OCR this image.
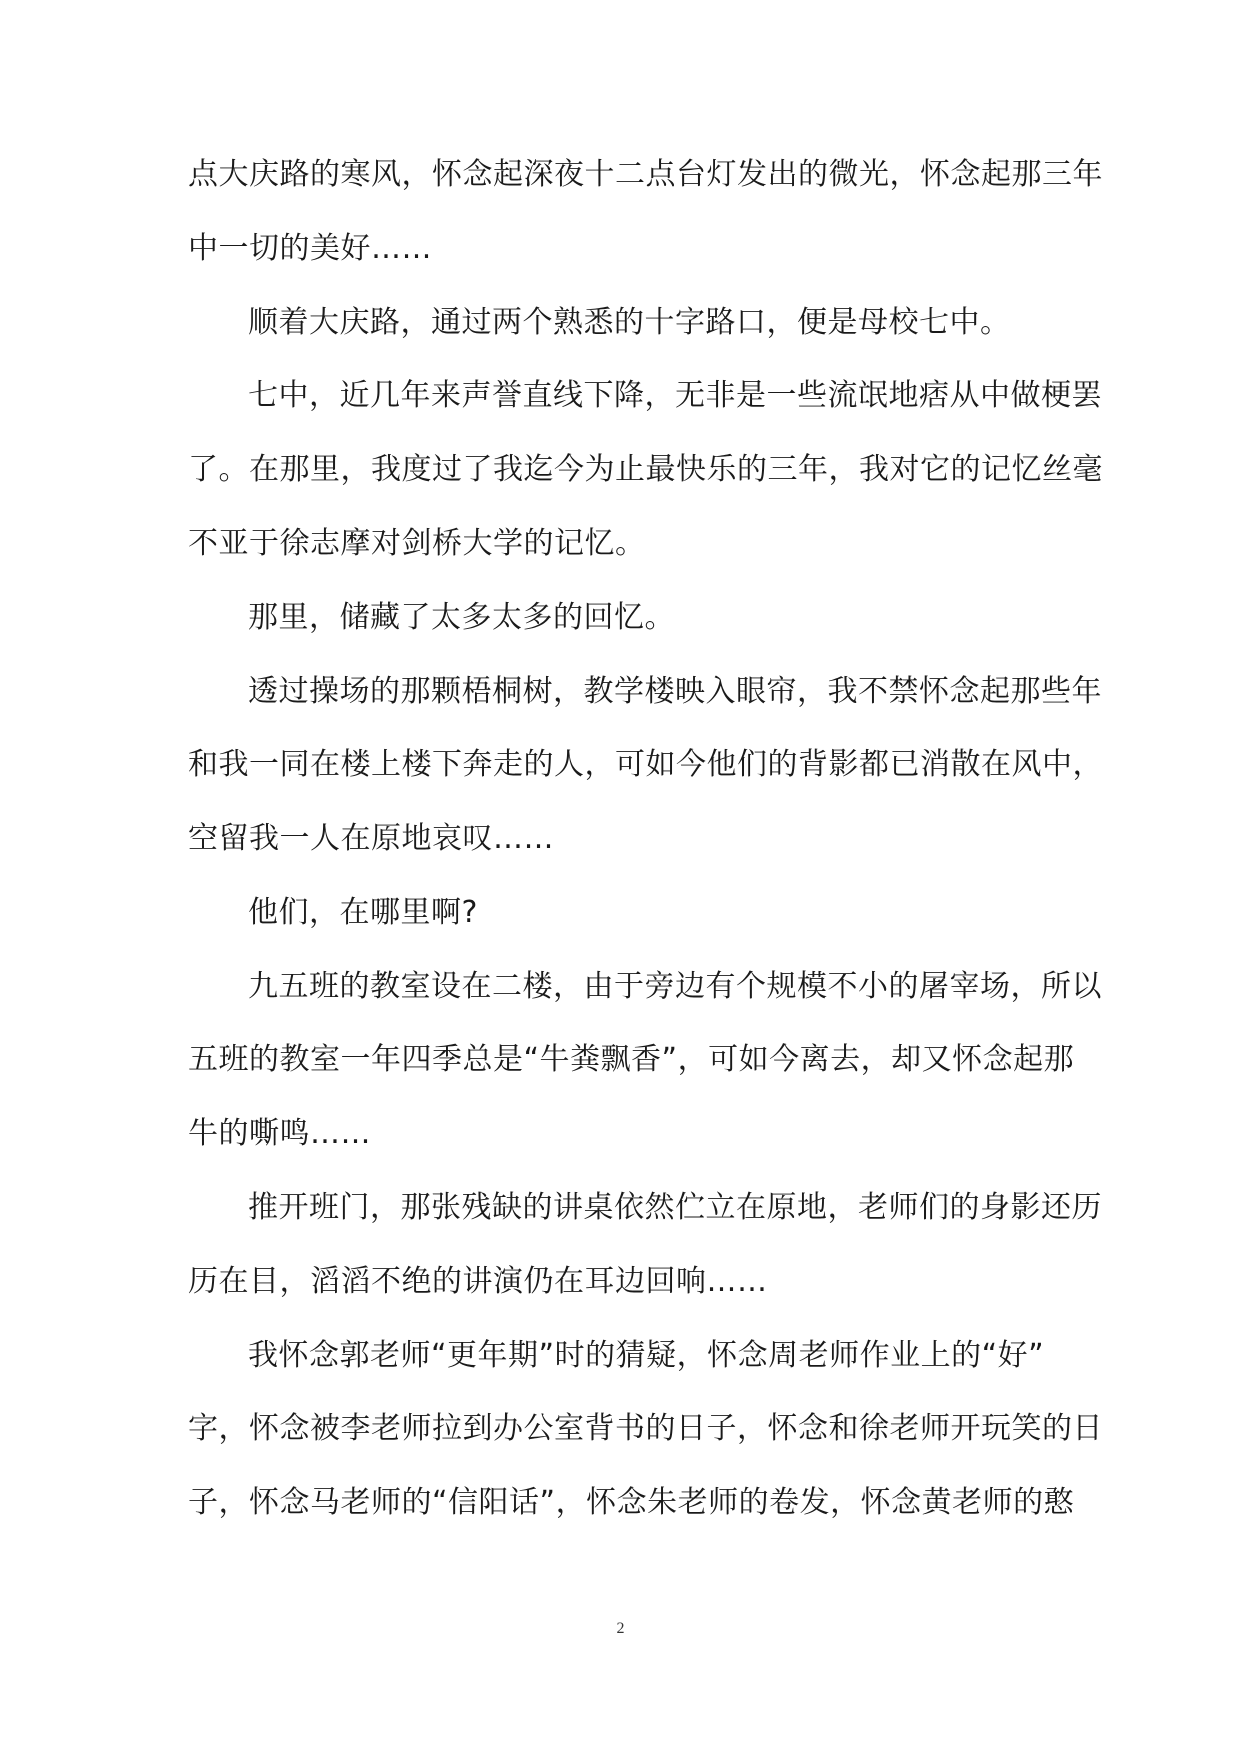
点大庆路的寒风，怀念起深夜十二点台灯发出的微光，怀念起那三年
中一切的美好……
顺着大庆路，通过两个熟悉的十字路口，便是母校七中。
七中，近几年来声誉直线下降，无非是一些流氓地痞从中做梗罢
了。在那里，我度过了我迄今为止最快乐的三年，我对它的记忆丝毫
不亚于徐志摩对剑桥大学的记忆。
那里，储藏了太多太多的回忆。
透过操场的那颗梧桐树，教学楼映入眼帘，我不禁怀念起那些年
和我一同在楼上楼下奔走的人，可如今他们的背影都已消散在风中，
空留我一人在原地哀叹……
他们，在哪里啊?
九五班的教室设在二楼，由于旁边有个规模不小的屠宰场，所以
五班的教室一年四季总是“牛粪飘香”，可如今离去，却又怀念起那
牛的嘶鸣……
推开班门，那张残缺的讲桌依然伫立在原地，老师们的身影还历
历在目，滔滔不绝的讲演仍在耳边回响……
我怀念郭老师“更年期”时的猜疑，怀念周老师作业上的“好”
字，怀念被李老师拉到办公室背书的日子，怀念和徐老师开玩笑的日
子，怀念马老师的“信阳话”，怀念朱老师的卷发，怀念黄老师的憨
2
